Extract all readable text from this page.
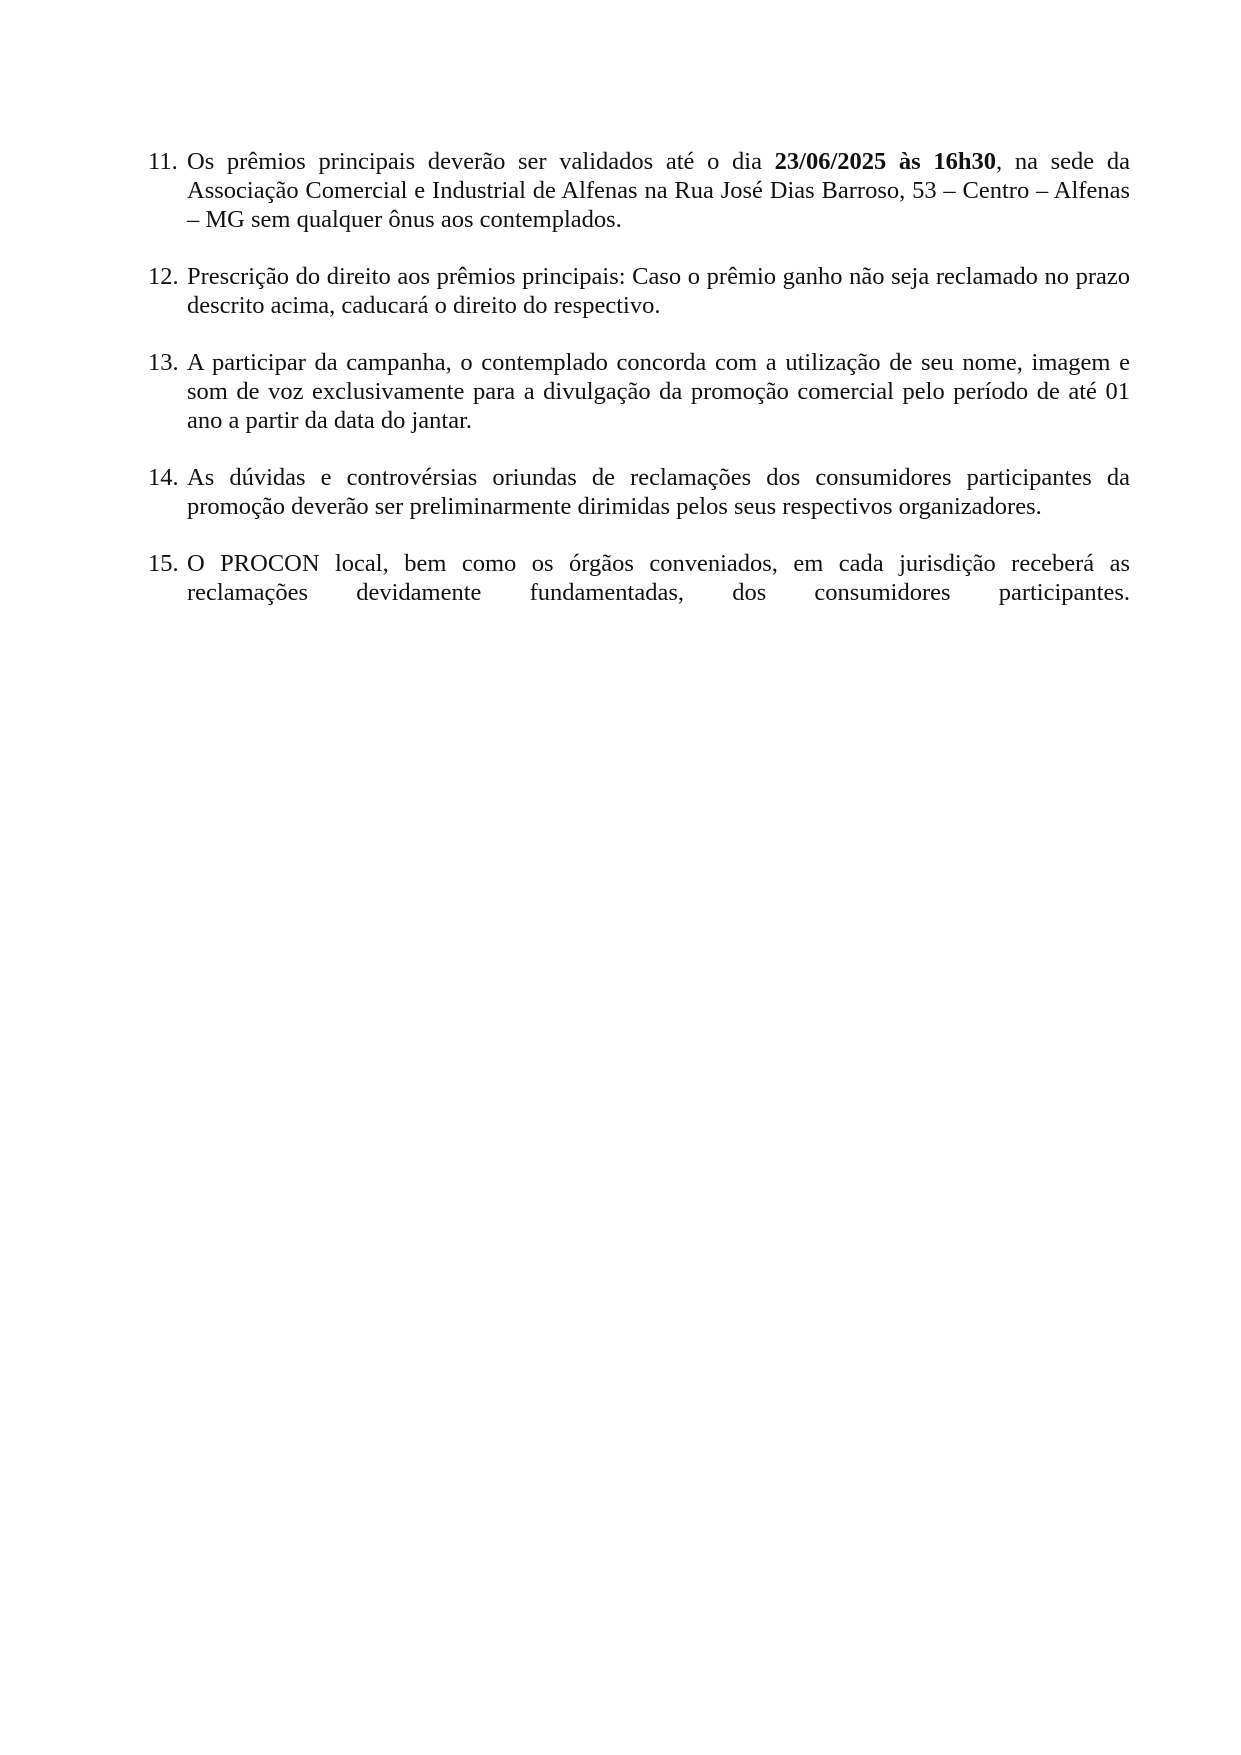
11. Os prêmios principais deverão ser validados até o dia 23/06/2025 às 16h30, na sede da Associação Comercial e Industrial de Alfenas na Rua José Dias Barroso, 53 – Centro – Alfenas – MG sem qualquer ônus aos contemplados.
12. Prescrição do direito aos prêmios principais: Caso o prêmio ganho não seja reclamado no prazo descrito acima, caducará o direito do respectivo.
13. A participar da campanha, o contemplado concorda com a utilização de seu nome, imagem e som de voz exclusivamente para a divulgação da promoção comercial pelo período de até 01 ano a partir da data do jantar.
14. As dúvidas e controvérsias oriundas de reclamações dos consumidores participantes da promoção deverão ser preliminarmente dirimidas pelos seus respectivos organizadores.
15. O PROCON local, bem como os órgãos conveniados, em cada jurisdição receberá as reclamações devidamente fundamentadas, dos consumidores participantes.
